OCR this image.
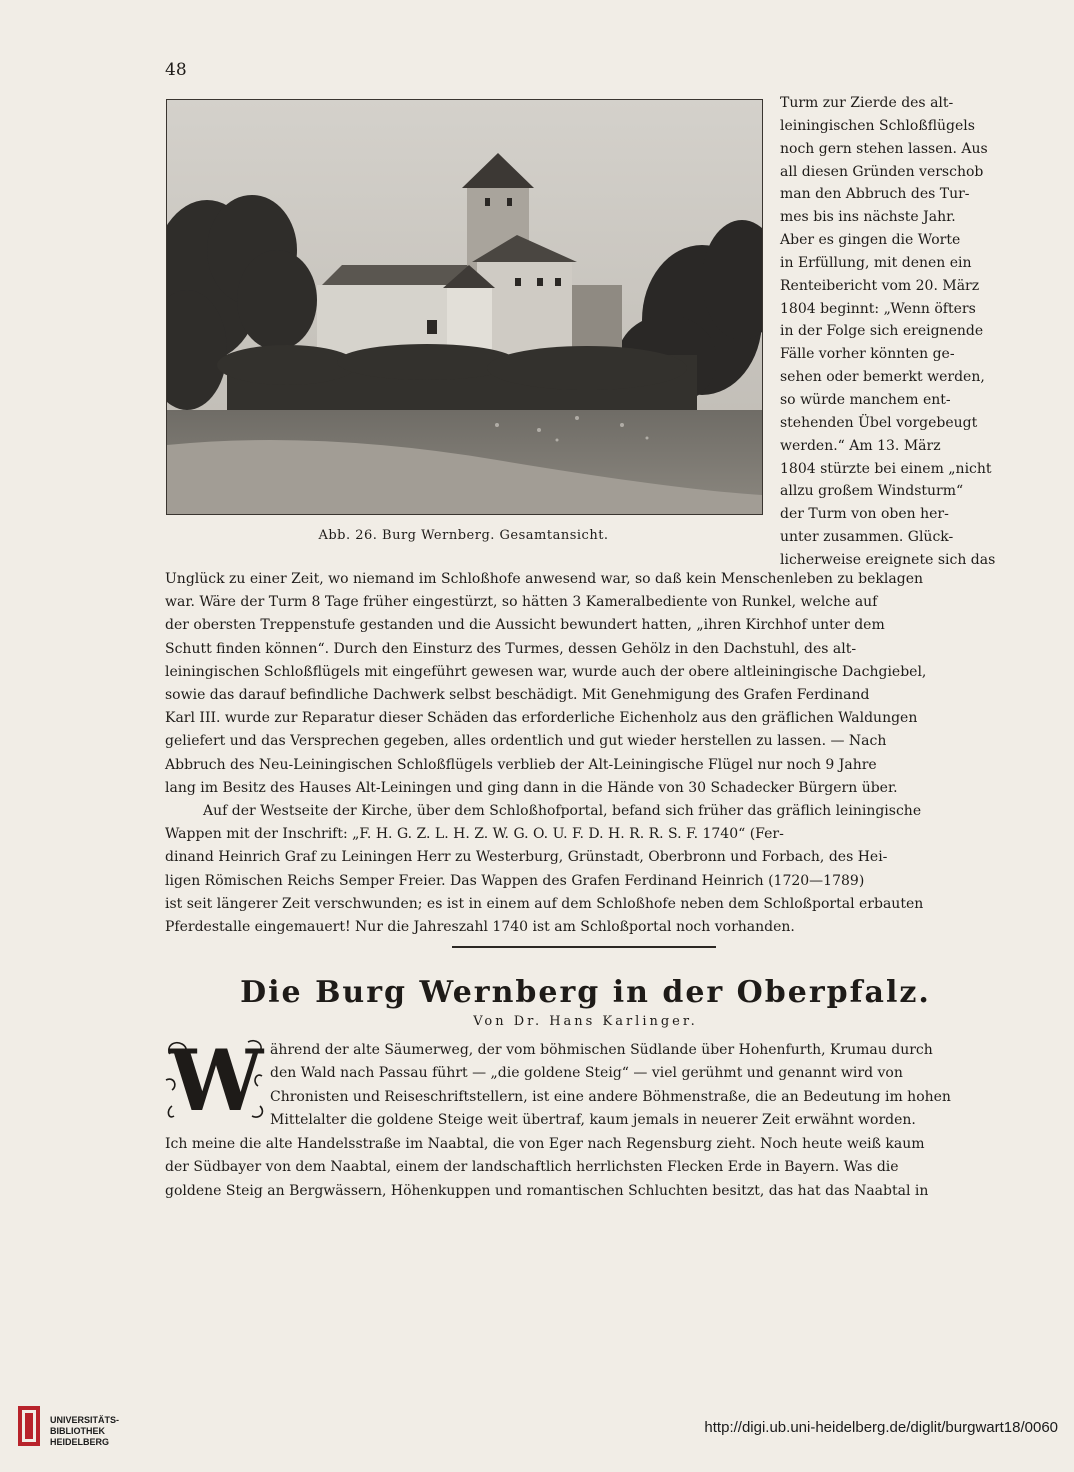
48
Abb. 26. Burg Wernberg. Gesamtansicht.

Turm zur Zierde des alt-

leiningischen Schloßflügels

noch gern stehen lassen. Aus

all diesen Gründen verschob

man den Abbruch des Tur-

mes bis ins nächste Jahr.

Aber es gingen die Worte

in Erfüllung, mit denen ein

Renteibericht vom 20. März

1804 beginnt: „Wenn öfters

in der Folge sich ereignende

Fälle vorher könnten ge-

sehen oder bemerkt werden,

so würde manchem ent-

stehenden Übel vorgebeugt

werden.“ Am 13. März

1804 stürzte bei einem „nicht

allzu großem Windsturm“

der Turm von oben her-

unter zusammen. Glück-

licherweise ereignete sich das

Unglück zu einer Zeit, wo niemand im Schloßhofe anwesend war, so daß kein Menschenleben zu beklagen

war. Wäre der Turm 8 Tage früher eingestürzt, so hätten 3 Kameralbediente von Runkel, welche auf

der obersten Treppenstufe gestanden und die Aussicht bewundert hatten, „ihren Kirchhof unter dem

Schutt finden können“. Durch den Einsturz des Turmes, dessen Gehölz in den Dachstuhl, des alt-

leiningischen Schloßflügels mit eingeführt gewesen war, wurde auch der obere altleiningische Dachgiebel,

sowie das darauf befindliche Dachwerk selbst beschädigt. Mit Genehmigung des Grafen Ferdinand

Karl III. wurde zur Reparatur dieser Schäden das erforderliche Eichenholz aus den gräflichen Waldungen

geliefert und das Versprechen gegeben, alles ordentlich und gut wieder herstellen zu lassen. — Nach

Abbruch des Neu-Leiningischen Schloßflügels verblieb der Alt-Leiningische Flügel nur noch 9 Jahre

lang im Besitz des Hauses Alt-Leiningen und ging dann in die Hände von 30 Schadecker Bürgern über.

Auf der Westseite der Kirche, über dem Schloßhofportal, befand sich früher das gräflich leiningische

Wappen mit der Inschrift: „F. H. G. Z. L. H. Z. W. G. O. U. F. D. H. R. R. S. F. 1740“ (Fer-

dinand Heinrich Graf zu Leiningen Herr zu Westerburg, Grünstadt, Oberbronn und Forbach, des Hei-

ligen Römischen Reichs Semper Freier. Das Wappen des Grafen Ferdinand Heinrich (1720—1789)

ist seit längerer Zeit verschwunden; es ist in einem auf dem Schloßhofe neben dem Schloßportal erbauten

Pferdestalle eingemauert! Nur die Jahreszahl 1740 ist am Schloßportal noch vorhanden.

Die Burg Wernberg in der Oberpfalz.
Von Dr. Hans Karlinger.
W ährend der alte Säumerweg, der vom böhmischen Südlande über Hohenfurth, Krumau durch

den Wald nach Passau führt — „die goldene Steig“ — viel gerühmt und genannt wird von

Chronisten und Reiseschriftstellern, ist eine andere Böhmenstraße, die an Bedeutung im hohen

Mittelalter die goldene Steige weit übertraf, kaum jemals in neuerer Zeit erwähnt worden.

Ich meine die alte Handelsstraße im Naabtal, die von Eger nach Regensburg zieht. Noch heute weiß kaum

der Südbayer von dem Naabtal, einem der landschaftlich herrlichsten Flecken Erde in Bayern. Was die

goldene Steig an Bergwässern, Höhenkuppen und romantischen Schluchten besitzt, das hat das Naabtal in

UNIVERSITÄTS-
BIBLIOTHEK
HEIDELBERG
http://digi.ub.uni-heidelberg.de/diglit/burgwart18/0060
